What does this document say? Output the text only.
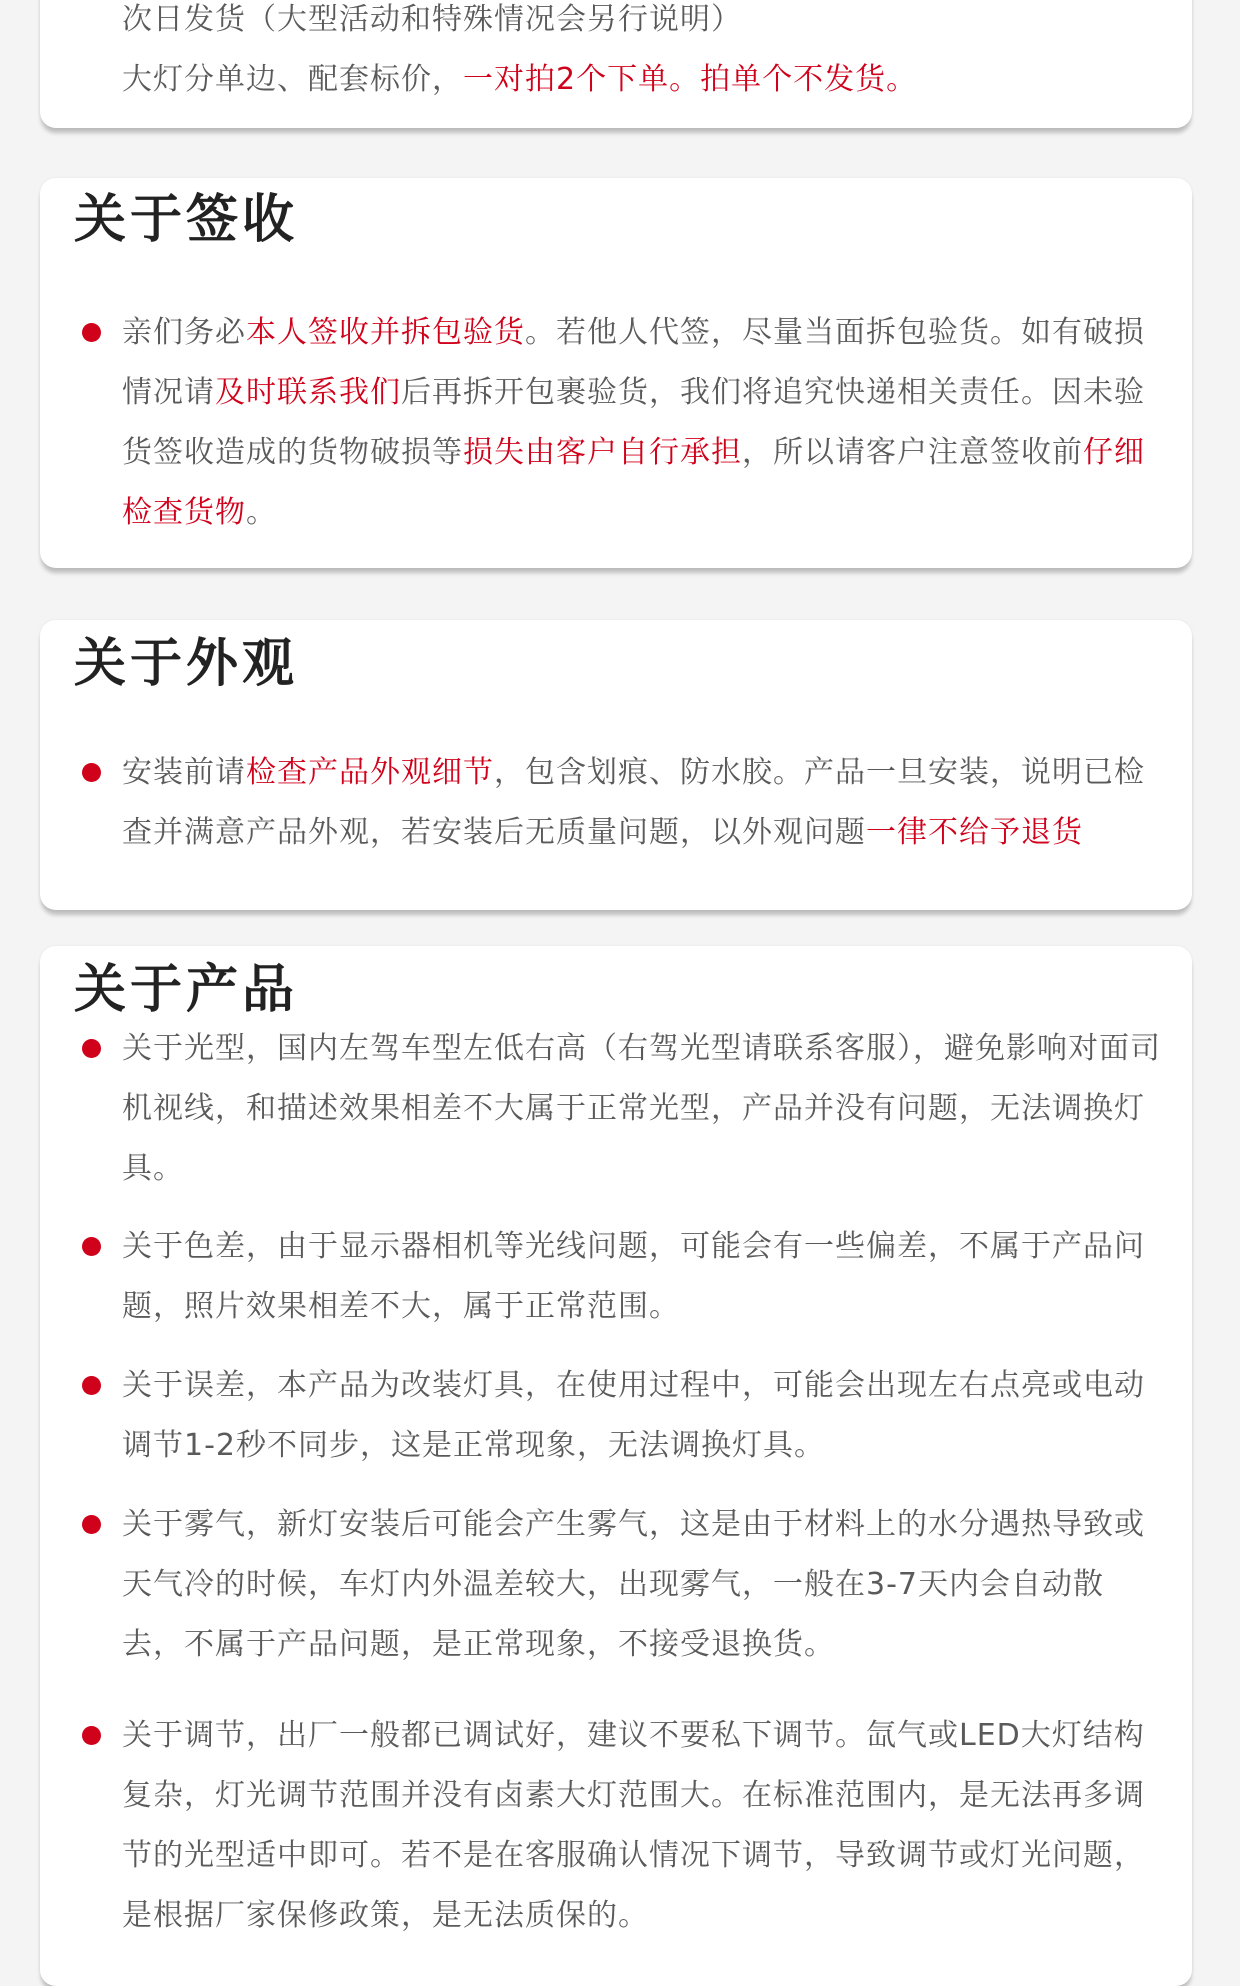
次日发货（大型活动和特殊情况会另行说明）
大灯分单边、配套标价，一对拍2个下单。拍单个不发货。

关于签收

亲们务必本人签收并拆包验货。若他人代签，尽量当面拆包验货。如有破损情况请及时联系我们后再拆开包裹验货，我们将追究快递相关责任。因未验货签收造成的货物破损等损失由客户自行承担，所以请客户注意签收前仔细检查货物。

关于外观

安装前请检查产品外观细节，包含划痕、防水胶。产品一旦安装，说明已检查并满意产品外观，若安装后无质量问题，以外观问题一律不给予退货

关于产品

关于光型，国内左驾车型左低右高（右驾光型请联系客服），避免影响对面司机视线，和描述效果相差不大属于正常光型，产品并没有问题，无法调换灯具。

关于色差，由于显示器相机等光线问题，可能会有一些偏差，不属于产品问题，照片效果相差不大，属于正常范围。

关于误差，本产品为改装灯具，在使用过程中，可能会出现左右点亮或电动调节1-2秒不同步，这是正常现象，无法调换灯具。

关于雾气，新灯安装后可能会产生雾气，这是由于材料上的水分遇热导致或天气冷的时候，车灯内外温差较大，出现雾气，一般在3-7天内会自动散去，不属于产品问题，是正常现象，不接受退换货。

关于调节，出厂一般都已调试好，建议不要私下调节。氙气或LED大灯结构复杂，灯光调节范围并没有卤素大灯范围大。在标准范围内，是无法再多调节的光型适中即可。若不是在客服确认情况下调节，导致调节或灯光问题，是根据厂家保修政策，是无法质保的。
